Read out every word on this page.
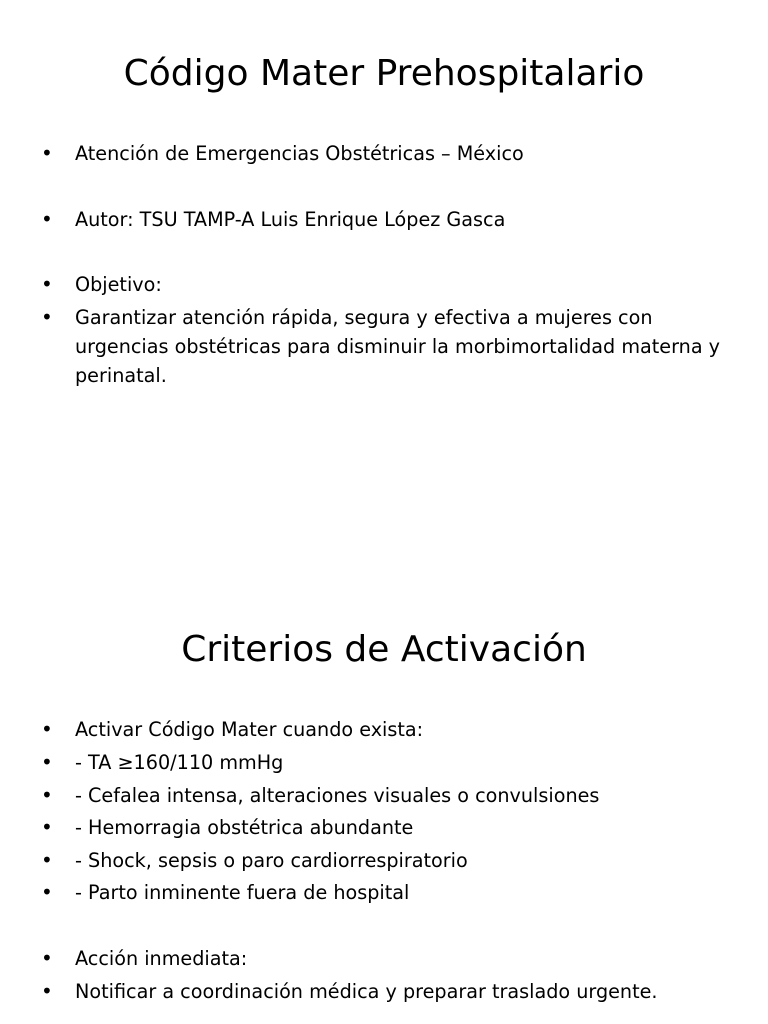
Código Mater Prehospitalario
• Atención de Emergencias Obstétricas – México
• Autor: TSU TAMP-A Luis Enrique López Gasca
• Objetivo:
• Garantizar atención rápida, segura y efectiva a mujeres con urgencias obstétricas para disminuir la morbimortalidad materna y perinatal.
Criterios de Activación
• Activar Código Mater cuando exista:
• - TA ≥160/110 mmHg
• - Cefalea intensa, alteraciones visuales o convulsiones
• - Hemorragia obstétrica abundante
• - Shock, sepsis o paro cardiorrespiratorio
• - Parto inminente fuera de hospital
• Acción inmediata:
• Notificar a coordinación médica y preparar traslado urgente.
